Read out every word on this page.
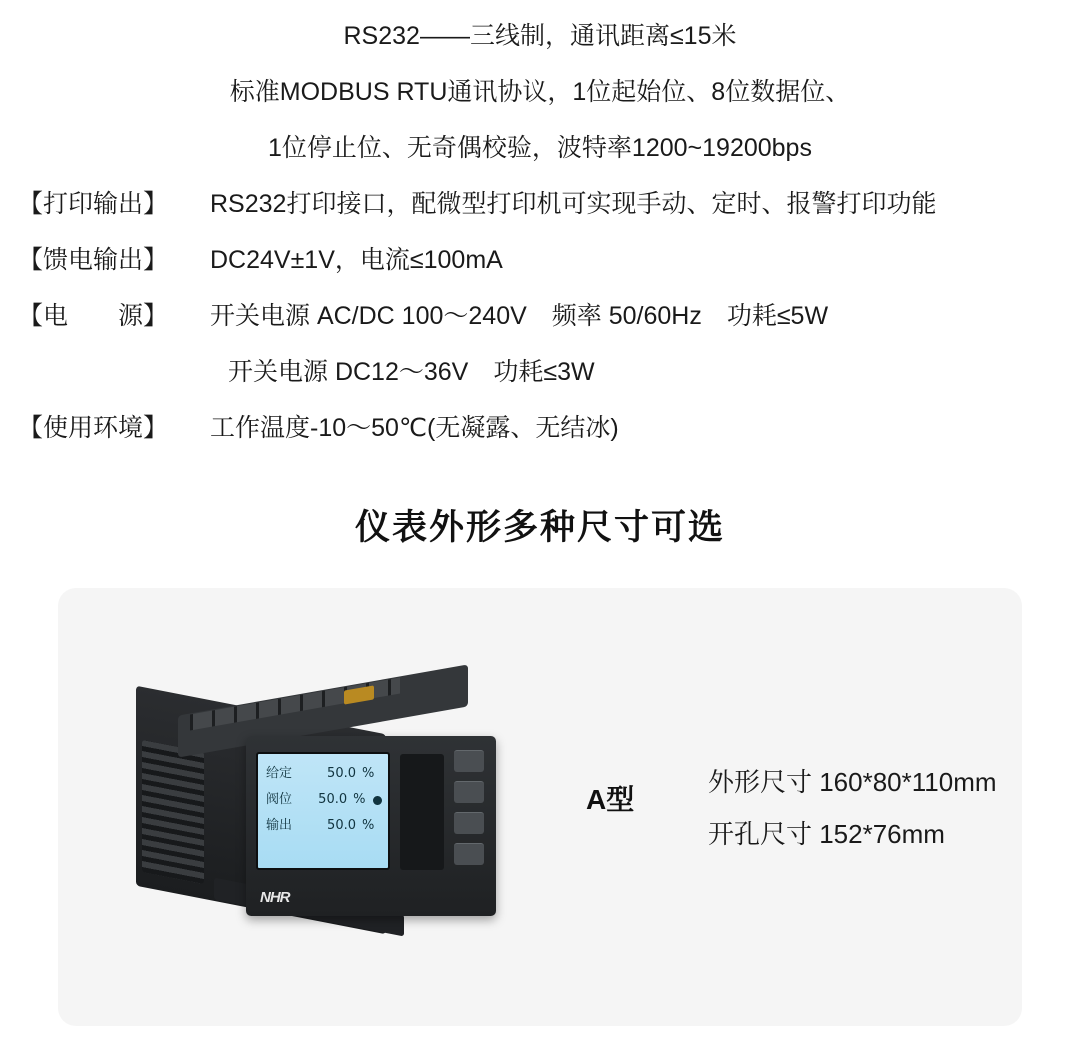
RS232——三线制，通讯距离≤15米
标准MODBUS RTU通讯协议，1位起始位、8位数据位、
1位停止位、无奇偶校验，波特率1200~19200bps
【打印输出】	RS232打印接口，配微型打印机可实现手动、定时、报警打印功能
【馈电输出】	DC24V±1V，电流≤100mA
【电　　源】	开关电源 AC/DC 100～240V　频率 50/60Hz　功耗≤5W
开关电源 DC12～36V　功耗≤3W
【使用环境】	工作温度-10～50℃(无凝露、无结冰)
仪表外形多种尺寸可选
给定	50.0 %
阀位	50.0 %
输出	50.0 %
NHR
A型
外形尺寸 160*80*110mm
开孔尺寸 152*76mm
